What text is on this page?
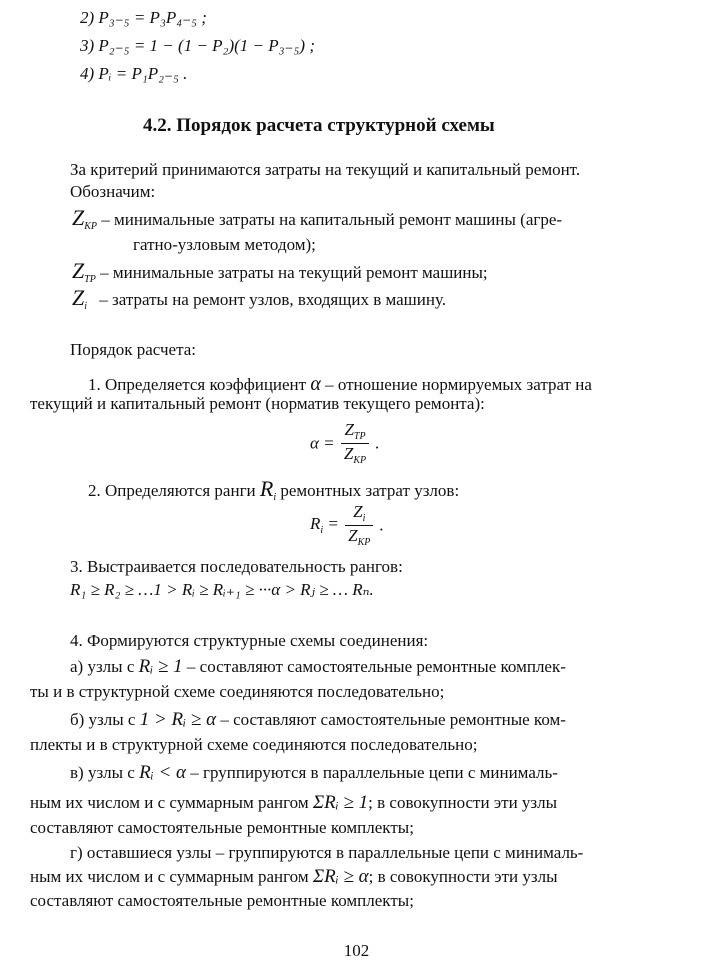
2) P₃₋₅ = P₃P₄₋₅ ;
3) P₂₋₅ = 1 − (1 − P₂)(1 − P₃₋₅) ;
4) Pᵢ = P₁P₂₋₅ .
4.2. Порядок расчета структурной схемы
За критерий принимаются затраты на текущий и капитальный ремонт.
Обозначим:
$Z_{КР}$ – минимальные затраты на капитальный ремонт машины (агре-
гатно-узловым методом);
$Z_{ТР}$ – минимальные затраты на текущий ремонт машины;
$Z_i$ – затраты на ремонт узлов, входящих в машину.
Порядок расчета:
1. Определяется коэффициент α – отношение нормируемых затрат на
текущий и капитальный ремонт (норматив текущего ремонта):
$\alpha = \frac{Z_{ТР}}{Z_{КР}}$ .
2. Определяются ранги $R_i$ ремонтных затрат узлов:
$R_i = \frac{Z_i}{Z_{КР}}$ .
3. Выстраивается последовательность рангов:
R₁ ≥ R₂ ≥ …1 > Rᵢ ≥ Rᵢ₊₁ ≥ ···α > Rⱼ ≥ … Rₙ.
4. Формируются структурные схемы соединения:
а) узлы с Rᵢ ≥ 1 – составляют самостоятельные ремонтные комплек-
ты и в структурной схеме соединяются последовательно;
б) узлы с 1 > Rᵢ ≥ α – составляют самостоятельные ремонтные ком-
плекты и в структурной схеме соединяются последовательно;
в) узлы с Rᵢ < α – группируются в параллельные цепи с минималь-
ным их числом и с суммарным рангом ΣRᵢ ≥ 1; в совокупности эти узлы
составляют самостоятельные ремонтные комплекты;
г) оставшиеся узлы – группируются в параллельные цепи с минималь-
ным их числом и с суммарным рангом ΣRᵢ ≥ α; в совокупности эти узлы
составляют самостоятельные ремонтные комплекты;
102
